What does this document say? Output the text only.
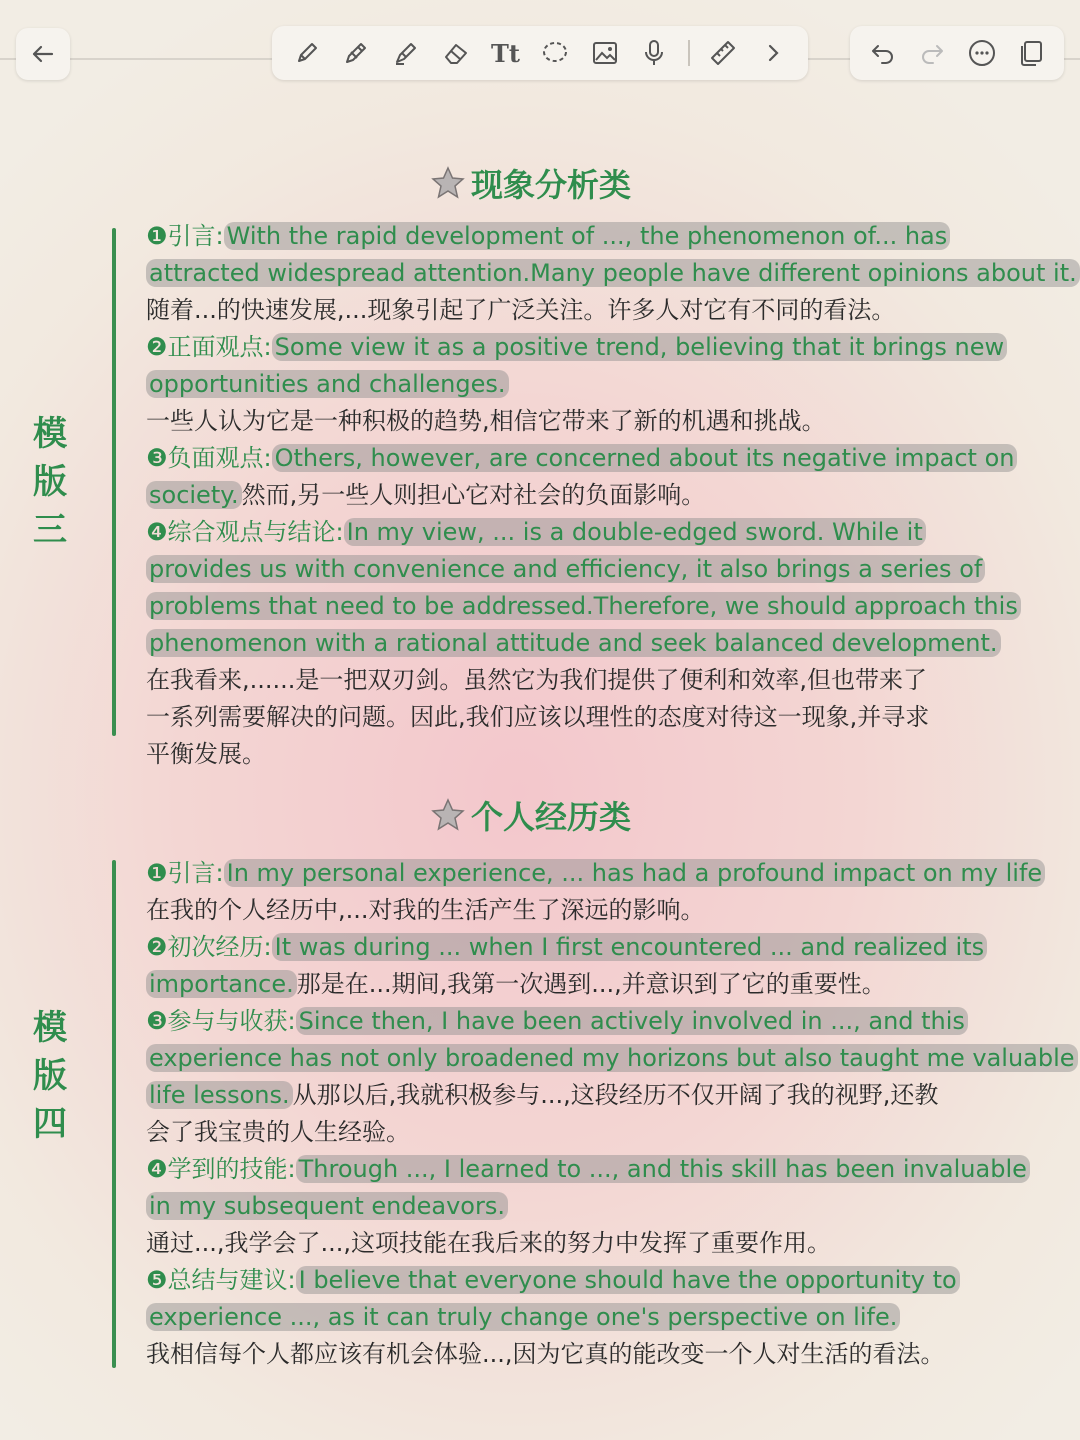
Tt
现象分析类
模
版
三
❶引言: With the rapid development of ..., the phenomenon of... has
attracted widespread attention.Many people have different opinions about it.
随着...的快速发展,...现象引起了广泛关注。许多人对它有不同的看法。
❷正面观点: Some view it as a positive trend, believing that it brings new
opportunities and challenges.
一些人认为它是一种积极的趋势,相信它带来了新的机遇和挑战。
❸负面观点: Others, however, are concerned about its negative impact on
society. 然而,另一些人则担心它对社会的负面影响。
❹综合观点与结论: In my view, ... is a double-edged sword. While it
provides us with convenience and efficiency, it also brings a series of
problems that need to be addressed.Therefore, we should approach this
phenomenon with a rational attitude and seek balanced development.
在我看来,......是一把双刃剑。虽然它为我们提供了便利和效率,但也带来了
一系列需要解决的问题。因此,我们应该以理性的态度对待这一现象,并寻求
平衡发展。
个人经历类
模
版
四
❶引言: In my personal experience, ... has had a profound impact on my life
在我的个人经历中,...对我的生活产生了深远的影响。
❷初次经历: It was during ... when I first encountered ... and realized its
importance. 那是在...期间,我第一次遇到...,并意识到了它的重要性。
❸参与与收获: Since then, I have been actively involved in ..., and this
experience has not only broadened my horizons but also taught me valuable
life lessons. 从那以后,我就积极参与...,这段经历不仅开阔了我的视野,还教
会了我宝贵的人生经验。
❹学到的技能: Through ..., I learned to ..., and this skill has been invaluable
in my subsequent endeavors.
通过...,我学会了...,这项技能在我后来的努力中发挥了重要作用。
❺总结与建议: I believe that everyone should have the opportunity to
experience ..., as it can truly change one's perspective on life.
我相信每个人都应该有机会体验...,因为它真的能改变一个人对生活的看法。
